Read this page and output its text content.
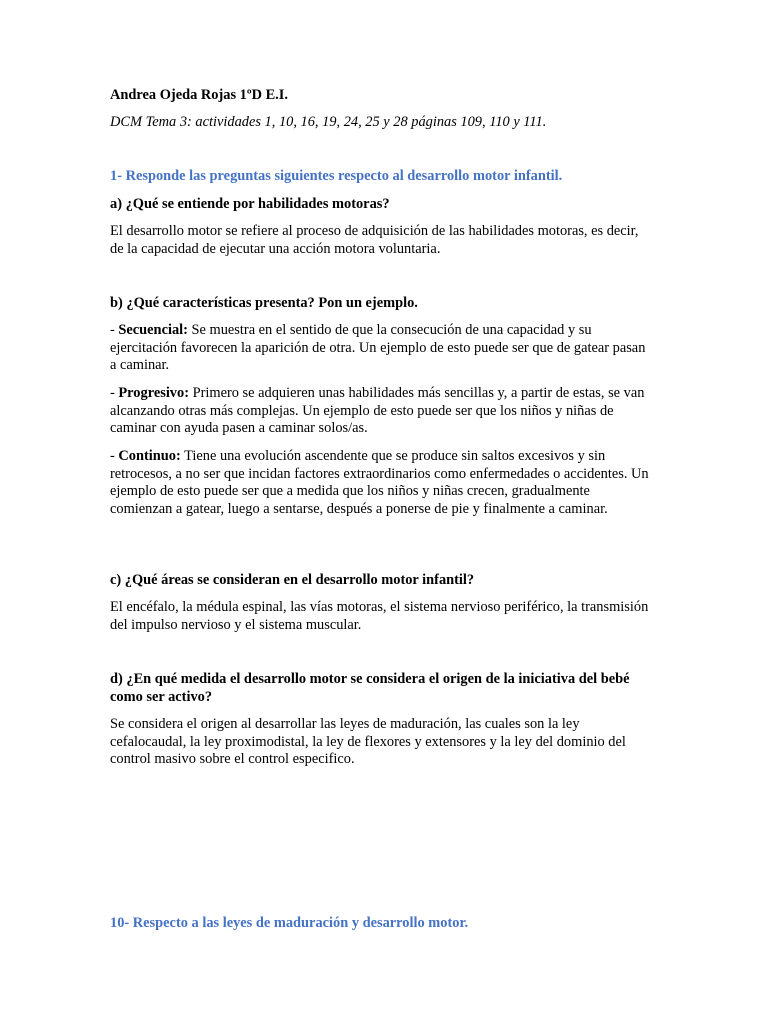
Andrea Ojeda Rojas 1ºD E.I.

DCM Tema 3: actividades 1, 10, 16, 19, 24, 25 y 28 páginas 109, 110 y 111.

1- Responde las preguntas siguientes respecto al desarrollo motor infantil.

a) ¿Qué se entiende por habilidades motoras?

El desarrollo motor se refiere al proceso de adquisición de las habilidades motoras, es decir, de la capacidad de ejecutar una acción motora voluntaria.

b) ¿Qué características presenta? Pon un ejemplo.

- Secuencial: Se muestra en el sentido de que la consecución de una capacidad y su ejercitación favorecen la aparición de otra. Un ejemplo de esto puede ser que de gatear pasan a caminar.

- Progresivo: Primero se adquieren unas habilidades más sencillas y, a partir de estas, se van alcanzando otras más complejas. Un ejemplo de esto puede ser que los niños y niñas de caminar con ayuda pasen a caminar solos/as.

- Continuo: Tiene una evolución ascendente que se produce sin saltos excesivos y sin retrocesos, a no ser que incidan factores extraordinarios como enfermedades o accidentes. Un ejemplo de esto puede ser que a medida que los niños y niñas crecen, gradualmente comienzan a gatear, luego a sentarse, después a ponerse de pie y finalmente a caminar.

c) ¿Qué áreas se consideran en el desarrollo motor infantil?

El encéfalo, la médula espinal, las vías motoras, el sistema nervioso periférico, la transmisión del impulso nervioso y el sistema muscular.

d) ¿En qué medida el desarrollo motor se considera el origen de la iniciativa del bebé como ser activo?

Se considera el origen al desarrollar las leyes de maduración, las cuales son la ley cefalocaudal, la ley proximodistal, la ley de flexores y extensores y la ley del dominio del control masivo sobre el control especifico.

10- Respecto a las leyes de maduración y desarrollo motor.
